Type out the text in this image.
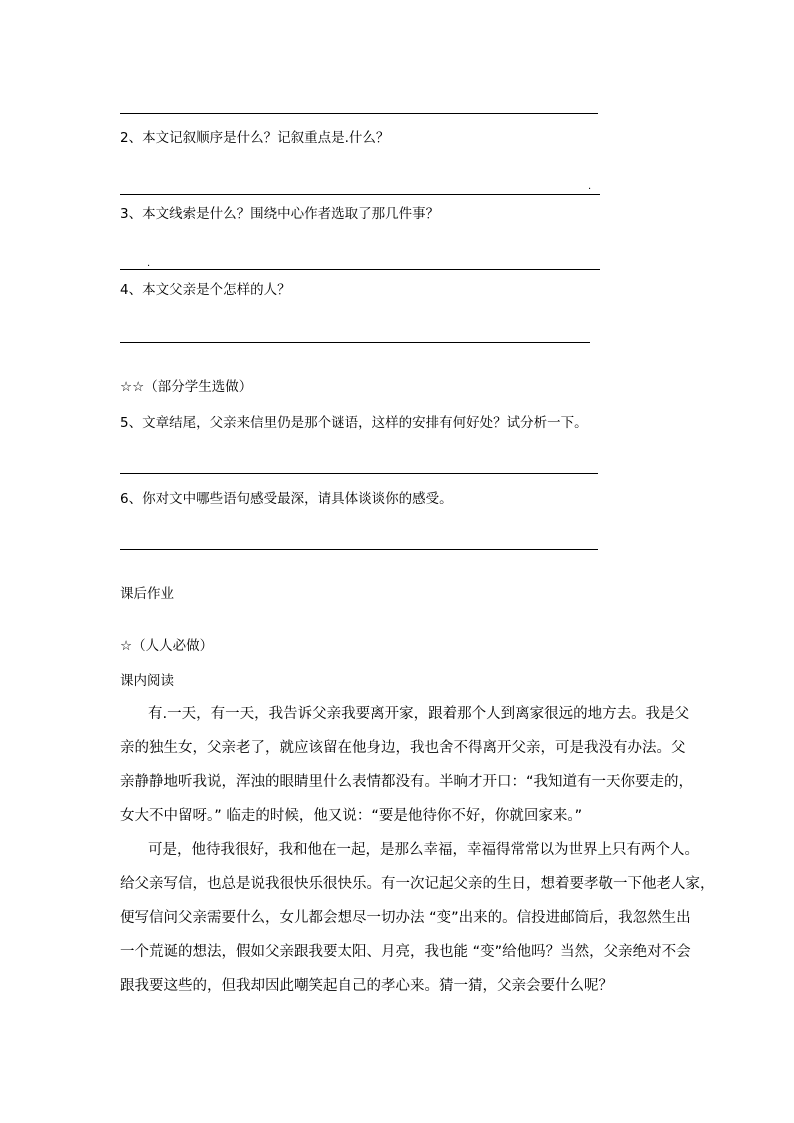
2、本文记叙顺序是什么？记叙重点是.什么？
.
3、本文线索是什么？围绕中心作者选取了那几件事？
.
4、本文父亲是个怎样的人？
☆☆（部分学生选做）
5、文章结尾，父亲来信里仍是那个谜语，这样的安排有何好处？试分析一下。
6、你对文中哪些语句感受最深，请具体谈谈你的感受。
课后作业
☆（人人必做）
课内阅读
有.一天，有一天，我告诉父亲我要离开家，跟着那个人到离家很远的地方去。我是父
亲的独生女，父亲老了，就应该留在他身边，我也舍不得离开父亲，可是我没有办法。父
亲静静地听我说，浑浊的眼睛里什么表情都没有。半晌才开口：“我知道有一天你要走的，
女大不中留呀。” 临走的时候，他又说：“要是他待你不好，你就回家来。”
可是，他待我很好，我和他在一起，是那么幸福，幸福得常常以为世界上只有两个人。
给父亲写信，也总是说我很快乐很快乐。有一次记起父亲的生日，想着要孝敬一下他老人家，
便写信问父亲需要什么，女儿都会想尽一切办法 “变”出来的。信投进邮筒后，我忽然生出
一个荒诞的想法，假如父亲跟我要太阳、月亮，我也能 “变”给他吗？当然，父亲绝对不会
跟我要这些的，但我却因此嘲笑起自己的孝心来。猜一猜，父亲会要什么呢？
